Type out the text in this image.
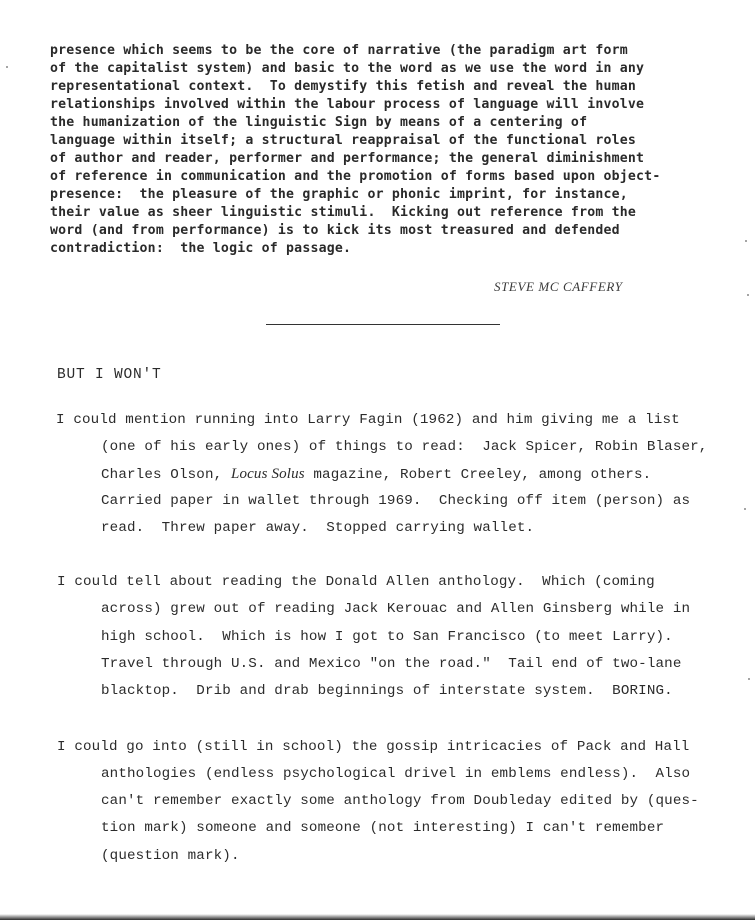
presence which seems to be the core of narrative (the paradigm art form
of the capitalist system) and basic to the word as we use the word in any
representational context.  To demystify this fetish and reveal the human
relationships involved within the labour process of language will involve
the humanization of the linguistic Sign by means of a centering of
language within itself; a structural reappraisal of the functional roles
of author and reader, performer and performance; the general diminishment
of reference in communication and the promotion of forms based upon object-
presence:  the pleasure of the graphic or phonic imprint, for instance,
their value as sheer linguistic stimuli.  Kicking out reference from the
word (and from performance) is to kick its most treasured and defended
contradiction:  the logic of passage.
STEVE MC CAFFERY
BUT I WON'T
I could mention running into Larry Fagin (1962) and him giving me a list
(one of his early ones) of things to read:  Jack Spicer, Robin Blaser,
Charles Olson, Locus Solus magazine, Robert Creeley, among others.
Carried paper in wallet through 1969.  Checking off item (person) as
read.  Threw paper away.  Stopped carrying wallet.
I could tell about reading the Donald Allen anthology.  Which (coming
across) grew out of reading Jack Kerouac and Allen Ginsberg while in
high school.  Which is how I got to San Francisco (to meet Larry).
Travel through U.S. and Mexico "on the road."  Tail end of two-lane
blacktop.  Drib and drab beginnings of interstate system.  BORING.
I could go into (still in school) the gossip intricacies of Pack and Hall
anthologies (endless psychological drivel in emblems endless).  Also
can't remember exactly some anthology from Doubleday edited by (ques-
tion mark) someone and someone (not interesting) I can't remember
(question mark).
